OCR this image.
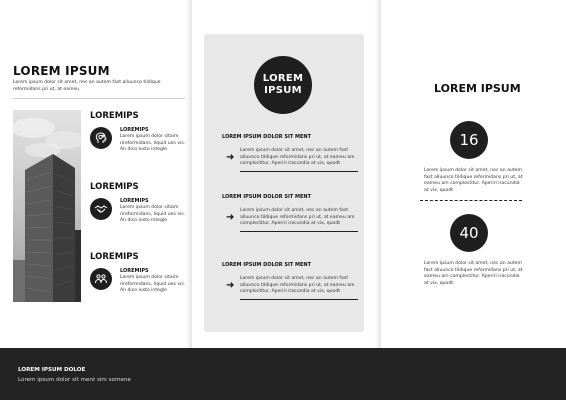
LOREM IPSUM
Lorem ipsum dolor sit amet, nec an autem fast alluunco tildique reformidans pri ut, at eameu
LOREMIPS
LOREMIPS
Lorem ipsum dolor sitaim rireformidans, liquid ues vis. An dico lusto integle
LOREMIPS
LOREMIPS
Lorem ipsum dolor sitaim rireformidans, liquid ues vis. An dico lusto integle
LOREMIPS
LOREMIPS
Lorem ipsum dolor sitaim rireformidans, liquid ues vis. An dico lusto integle
LOREM
IPSUM
LOREM IPSUM DOLOR SIT MENT
➜
Lorem ipsum dolor sit amet, nec an autem fast alluunco tildique reformidans pri ut, at eameu am complectitur. Aperiri iracundia at vix, quodt
LOREM IPSUM DOLOR SIT MENT
➜
Lorem ipsum dolor sit amet, nec an autem fast alluunco tildique reformidans pri ut, at eameu am complectitur. Aperiri iracundia at vix, quodt
LOREM IPSUM DOLOR SIT MENT
➜
Lorem ipsum dolor sit amet, nec an autem fast alluunco tildique reformidans pri ut, at eameu am complectitur. Aperiri iracundia at vix, quodt
LOREM IPSUM
16
Lorem ipsum dolor sit amet, nec an autem fast alluunco tildique reformidans pri ut, at eameu am complectitur. Aperiri iracundia at vix, quodt
40
Lorem ipsum dolor sit amet, nec an autem fast alluunco tildique reformidans pri ut, at eameu am complectitur. Aperiri iracundia at vix, quodt
LOREM IPSUM DOLOE
Lorem ipsum dolor sit ment sim somene
